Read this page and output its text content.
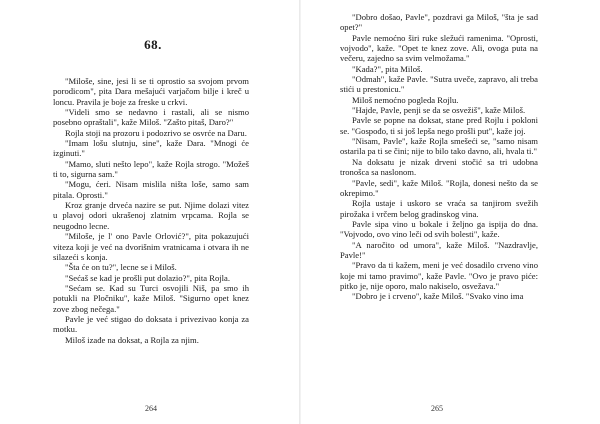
68.

"Miloše, sine, jesi li se ti oprostio sa svojom prvom porodicom", pita Dara mešajući varjačom bilje i kreč u loncu. Pravila je boje za freske u crkvi.

"Videli smo se nedavno i rastali, ali se nismo posebno opraštali", kaže Miloš. "Zašto pitaš, Daro?"

Rojla stoji na prozoru i podozrivo se osvrće na Daru.

"Imam lošu slutnju, sine", kaže Dara. "Mnogi će izginuti."

"Mamo, sluti nešto lepo", kaže Rojla strogo. "Možeš ti to, sigurna sam."

"Mogu, ćeri. Nisam mislila ništa loše, samo sam pitala. Oprosti."

Kroz granje drveća nazire se put. Njime dolazi vitez u plavoj odori ukrašenoj zlatnim vrpcama. Rojla se neugodno lecne.

"Miloše, je l' ono Pavle Orlović?", pita pokazujući viteza koji je već na dvorišnim vratnicama i otvara ih ne silazeći s konja.

"Šta će on tu?", lecne se i Miloš.

"Sećaš se kad je prošli put dolazio?", pita Rojla.

"Sećam se. Kad su Turci osvojili Niš, pa smo ih potukli na Pločniku", kaže Miloš. "Sigurno opet knez zove zbog nečega."

Pavle je već stigao do doksata i privezivao konja za motku.

Miloš izađe na doksat, a Rojla za njim.

264

"Dobro došao, Pavle", pozdravi ga Miloš, "šta je sad opet?"

Pavle nemoćno širi ruke sležući ramenima. "Oprosti, vojvodo", kaže. "Opet te knez zove. Ali, ovoga puta na večeru, zajedno sa svim velmožama."

"Kada?", pita Miloš.

"Odmah", kaže Pavle. "Sutra uveče, zapravo, ali treba stići u prestonicu."

Miloš nemoćno pogleda Rojlu.

"Hajde, Pavle, penji se da se osvežiš", kaže Miloš.

Pavle se popne na doksat, stane pred Rojlu i pokloni se. "Gospođo, ti si još lepša nego prošli put", kaže joj.

"Nisam, Pavle", kaže Rojla smešeći se, "samo nisam ostarila pa ti se čini; nije to bilo tako davno, ali, hvala ti."

Na doksatu je nizak drveni stočić sa tri udobna tronošca sa naslonom.

"Pavle, sedi", kaže Miloš. "Rojla, donesi nešto da se okrepimo."

Rojla ustaje i uskoro se vraća sa tanjirom svežih pirožaka i vrčem belog gradinskog vina.

Pavle sipa vino u bokale i željno ga ispija do dna. "Vojvodo, ovo vino leči od svih bolesti", kaže.

"A naročito od umora", kaže Miloš. "Nazdravlje, Pavle!"

"Pravo da ti kažem, meni je već dosadilo crveno vino koje mi tamo pravimo", kaže Pavle. "Ovo je pravo piće: pitko je, nije oporo, malo nakiselo, osvežava."

"Dobro je i crveno", kaže Miloš. "Svako vino ima

265
